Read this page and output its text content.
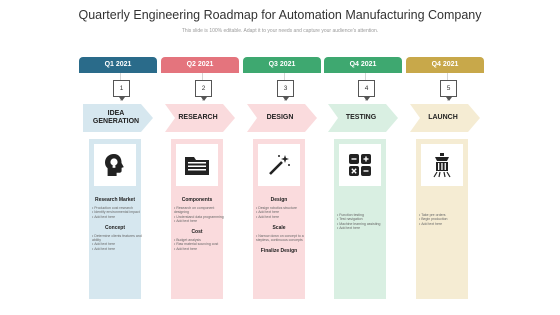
Quarterly Engineering Roadmap for Automation Manufacturing Company
This slide is 100% editable. Adapt it to your needs and capture your audience's attention.
Q1 2021
1
IDEA GENERATION
Research Market
• Production cost research
• Identify environmental impact
• Add text here
Concept
• Determine clients features and ability
• Add text here
• Add text here
Q2 2021
2
RESEARCH
Components
• Research on component designing
• Understand data programming
• Add text here
Cost
• Budget analysis
• Raw material sourcing cost
• Add text here
Q3 2021
3
DESIGN
Design
• Design robotics structure
• Add text here
• Add text here
Scale
• Narrow down on concept to a stepless, continuous concepts
Finalize Design
Q4 2021
4
TESTING
• Function testing
• Test navigation
• Machine learning assisting
• Add text here
Q4 2021
5
LAUNCH
• Take pre orders
• Begin production
• Add text here
